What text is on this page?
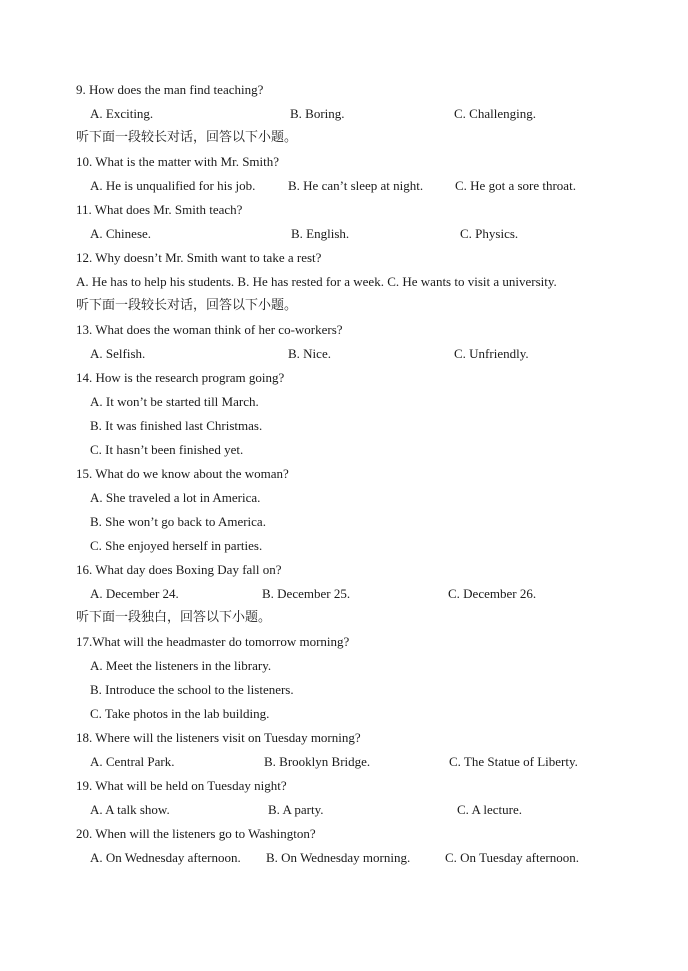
9. How does the man find teaching?
A. Exciting.	B. Boring.	C. Challenging.
听下面一段较长对话，回答以下小题。
10. What is the matter with Mr. Smith?
A. He is unqualified for his job.	B. He can’t sleep at night. C. He got a sore throat.
11. What does Mr. Smith teach?
A. Chinese.	B. English.	C. Physics.
12. Why doesn’t Mr. Smith want to take a rest?
A. He has to help his students. B. He has rested for a week. C. He wants to visit a university.
听下面一段较长对话，回答以下小题。
13. What does the woman think of her co-workers?
A. Selfish.	B. Nice.	C. Unfriendly.
14. How is the research program going?
A. It won’t be started till March.
B. It was finished last Christmas.
C. It hasn’t been finished yet.
15. What do we know about the woman?
A. She traveled a lot in America.
B. She won’t go back to America.
C. She enjoyed herself in parties.
16. What day does Boxing Day fall on?
A. December 24.	B. December 25.	C. December 26.
听下面一段独白，回答以下小题。
17.What will the headmaster do tomorrow morning?
A. Meet the listeners in the library.
B. Introduce the school to the listeners.
C. Take photos in the lab building.
18. Where will the listeners visit on Tuesday morning?
A. Central Park.	B. Brooklyn Bridge.	C. The Statue of Liberty.
19. What will be held on Tuesday night?
A. A talk show.	B. A party.	C. A lecture.
20. When will the listeners go to Washington?
A. On Wednesday afternoon. B. On Wednesday morning.	C. On Tuesday afternoon.
